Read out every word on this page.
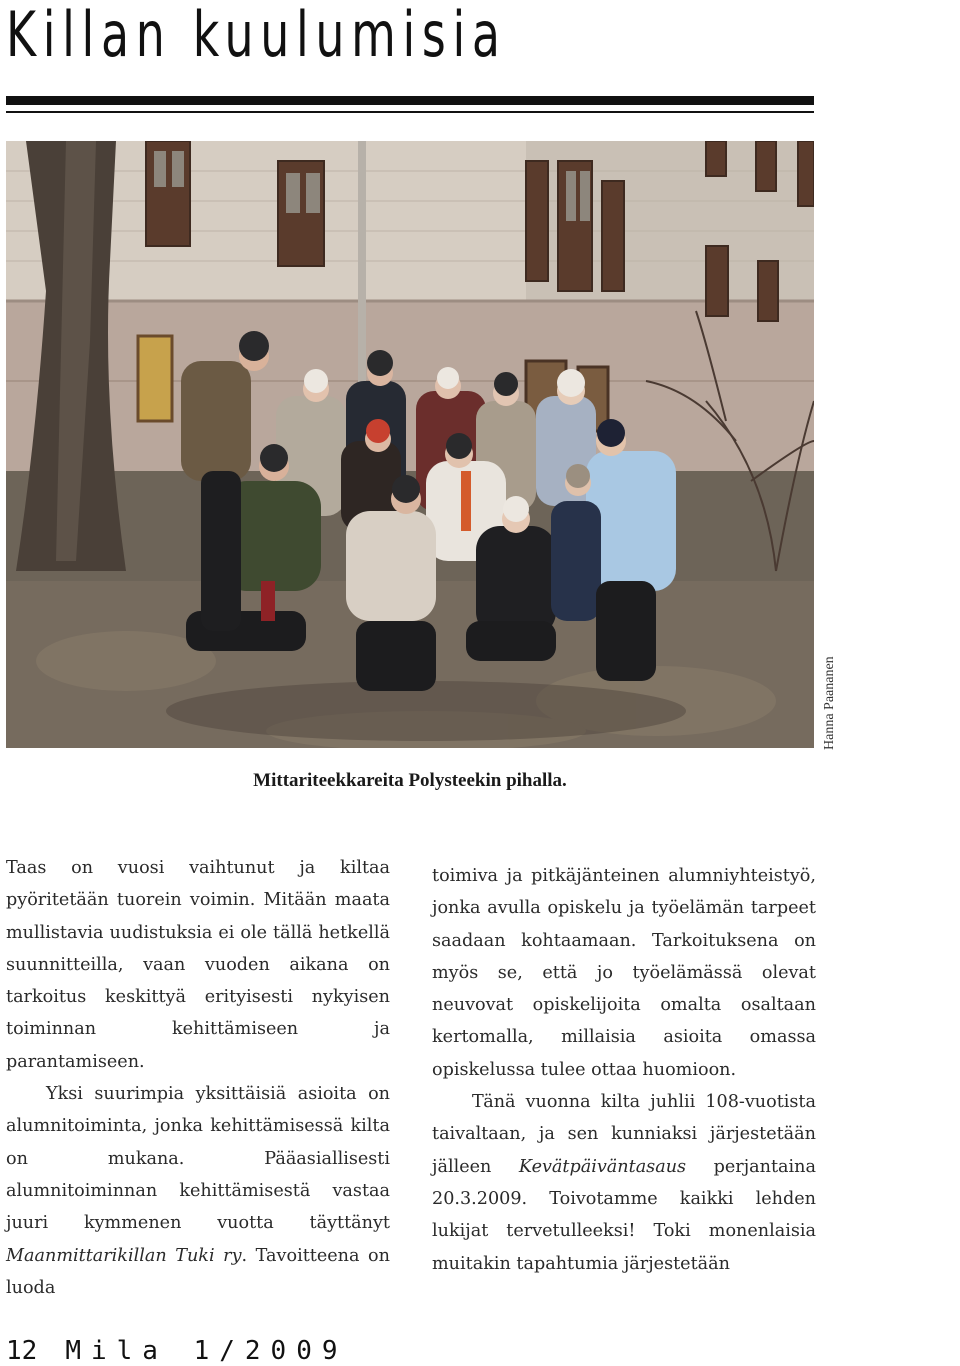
Killan kuulumisia
Hanna Paananen
Mittariteekkareita Polysteekin pihalla.

Taas on vuosi vaihtunut ja kiltaa pyöritetään tuorein voimin. Mitään maata mullistavia uudistuksia ei ole tällä hetkellä suunnitteilla, vaan vuoden aikana on tarkoitus keskittyä erityisesti nykyisen toiminnan kehittämiseen ja parantamiseen.

Yksi suurimpia yksittäisiä asioita on alumnitoiminta, jonka kehittämisessä kilta on mukana. Pääasiallisesti alumnitoiminnan kehittämisestä vastaa juuri kymmenen vuotta täyttänyt Maanmittarikillan Tuki ry. Tavoitteena on luoda

toimiva ja pitkäjänteinen alumniyhteistyö, jonka avulla opiskelu ja työelämän tarpeet saadaan kohtaamaan. Tarkoituksena on myös se, että jo työelämässä olevat neuvovat opiskelijoita omalta osaltaan kertomalla, millaisia asioita omassa opiskelussa tulee ottaa huomioon.

Tänä vuonna kilta juhlii 108-vuotista taivaltaan, ja sen kunniaksi järjestetään jälleen Kevätpäiväntasaus perjantaina 20.3.2009. Toivotamme kaikki lehden lukijat tervetulleeksi! Toki monenlaisia muitakin tapahtumia järjestetään

12 Mila 1/2009
